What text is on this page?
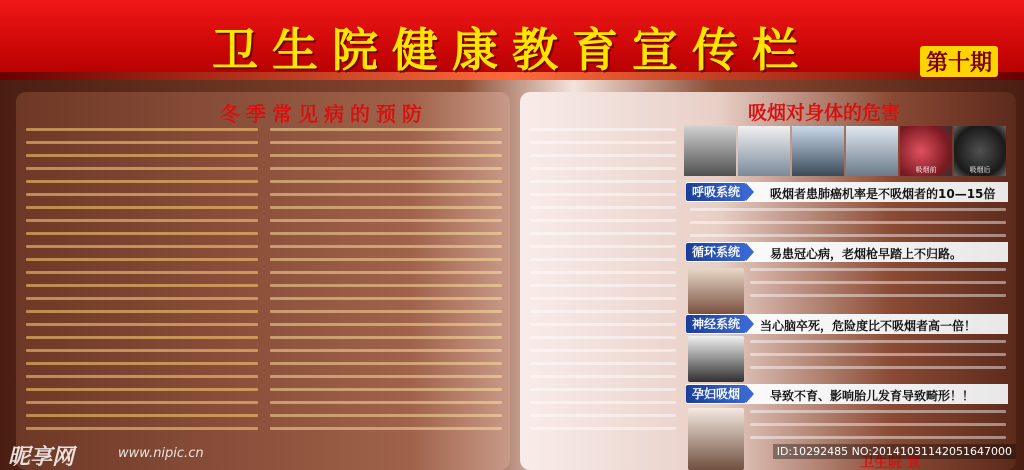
卫生院健康教育宣传栏	第十期
冬季常见病的预防	吸烟对身体的危害
吸烟前	吸烟后
呼吸系统	吸烟者患肺癌机率是不吸烟者的10—15倍
循环系统	易患冠心病，老烟枪早踏上不归路。
神经系统	当心脑卒死，危险度比不吸烟者高一倍！
孕妇吸烟	导致不育、影响胎儿发育导致畸形！！
卫生院 宣
昵享网	www.nipic.cn	ID:10292485 NO:20141031142051647000
